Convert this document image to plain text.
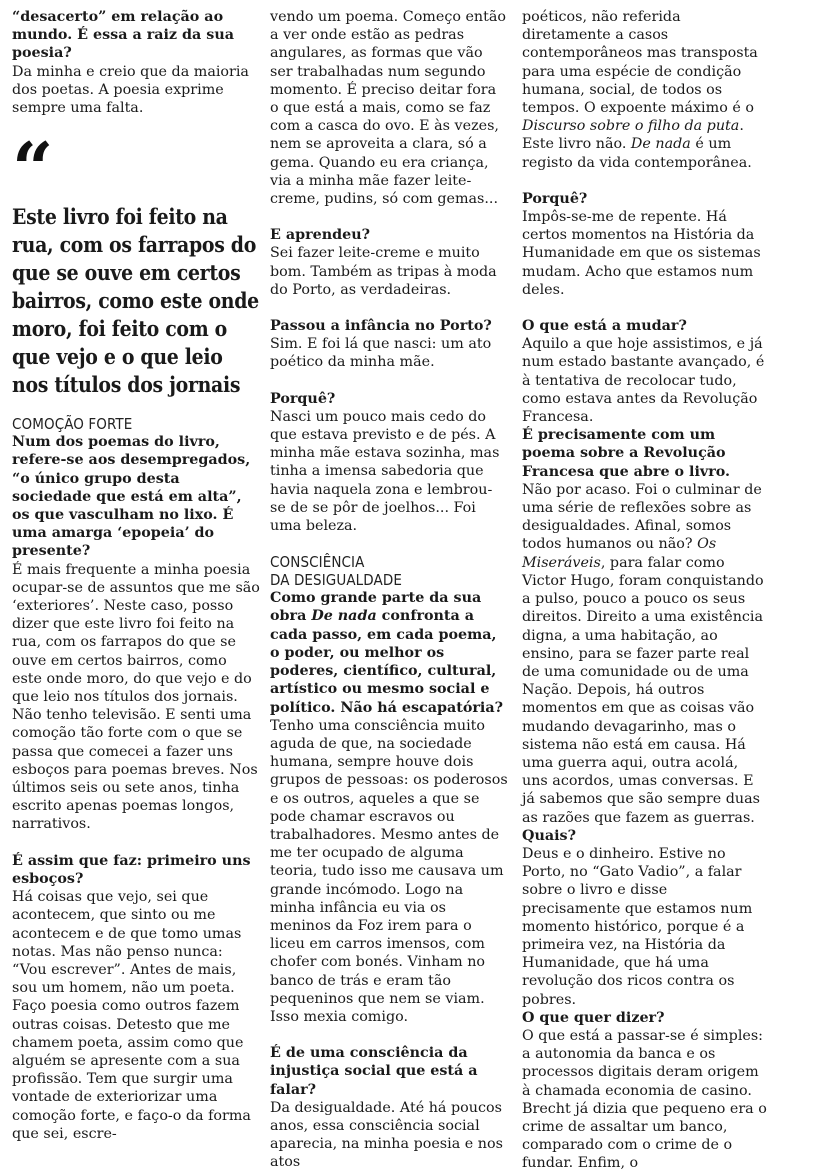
“desacerto” em relação ao mundo. É essa a raiz da sua poesia?

Da minha e creio que da maioria dos poetas. A poesia exprime sempre uma falta.

“

Este livro foi feito na rua, com os farrapos do que se ouve em certos bairros, como este onde moro, foi feito com o que vejo e o que leio nos títulos dos jornais

COMOÇÃO FORTE

Num dos poemas do livro, refere-se aos desempregados, “o único grupo desta sociedade que está em alta”, os que vasculham no lixo. É uma amarga ‘epopeia’ do presente?

É mais frequente a minha poesia ocupar-se de assuntos que me são ‘exteriores’. Neste caso, posso dizer que este livro foi feito na rua, com os farrapos do que se ouve em certos bairros, como este onde moro, do que vejo e do que leio nos títulos dos jornais. Não tenho televisão. E senti uma comoção tão forte com o que se passa que comecei a fazer uns esboços para poemas breves. Nos últimos seis ou sete anos, tinha escrito apenas poemas longos, narrativos.

É assim que faz: primeiro uns esboços?

Há coisas que vejo, sei que acontecem, que sinto ou me acontecem e de que tomo umas notas. Mas não penso nunca: “Vou escrever”. Antes de mais, sou um homem, não um poeta. Faço poesia como outros fazem outras coisas. Detesto que me chamem poeta, assim como que alguém se apresente com a sua profissão. Tem que surgir uma vontade de exteriorizar uma comoção forte, e faço-o da forma que sei, escre-

vendo um poema. Começo então a ver onde estão as pedras angulares, as formas que vão ser trabalhadas num segundo momento. É preciso deitar fora o que está a mais, como se faz com a casca do ovo. E às vezes, nem se aproveita a clara, só a gema. Quando eu era criança, via a minha mãe fazer leite-creme, pudins, só com gemas...

E aprendeu?

Sei fazer leite-creme e muito bom. Também as tripas à moda do Porto, as verdadeiras.

Passou a infância no Porto?

Sim. E foi lá que nasci: um ato poético da minha mãe.

Porquê?

Nasci um pouco mais cedo do que estava previsto e de pés. A minha mãe estava sozinha, mas tinha a imensa sabedoria que havia naquela zona e lembrou-se de se pôr de joelhos... Foi uma beleza.

CONSCIÊNCIA

DA DESIGUALDADE

Como grande parte da sua obra De nada confronta a cada passo, em cada poema, o poder, ou melhor os poderes, científico, cultural, artístico ou mesmo social e político. Não há escapatória?

Tenho uma consciência muito aguda de que, na sociedade humana, sempre houve dois grupos de pessoas: os poderosos e os outros, aqueles a que se pode chamar escravos ou trabalhadores. Mesmo antes de me ter ocupado de alguma teoria, tudo isso me causava um grande incómodo. Logo na minha infância eu via os meninos da Foz irem para o liceu em carros imensos, com chofer com bonés. Vinham no banco de trás e eram tão pequeninos que nem se viam. Isso mexia comigo.

É de uma consciência da injustiça social que está a falar?

Da desigualdade. Até há poucos anos, essa consciência social aparecia, na minha poesia e nos atos

poéticos, não referida diretamente a casos contemporâneos mas transposta para uma espécie de condição humana, social, de todos os tempos. O expoente máximo é o Discurso sobre o filho da puta. Este livro não. De nada é um registo da vida contemporânea.

Porquê?

Impôs-se-me de repente. Há certos momentos na História da Humanidade em que os sistemas mudam. Acho que estamos num deles.

O que está a mudar?

Aquilo a que hoje assistimos, e já num estado bastante avançado, é à tentativa de recolocar tudo, como estava antes da Revolução Francesa.

É precisamente com um poema sobre a Revolução Francesa que abre o livro.

Não por acaso. Foi o culminar de uma série de reflexões sobre as desigualdades. Afinal, somos todos humanos ou não? Os Miseráveis, para falar como Victor Hugo, foram conquistando a pulso, pouco a pouco os seus direitos. Direito a uma existência digna, a uma habitação, ao ensino, para se fazer parte real de uma comunidade ou de uma Nação. Depois, há outros momentos em que as coisas vão mudando devagarinho, mas o sistema não está em causa. Há uma guerra aqui, outra acolá, uns acordos, umas conversas. E já sabemos que são sempre duas as razões que fazem as guerras.

Quais?

Deus e o dinheiro. Estive no Porto, no “Gato Vadio”, a falar sobre o livro e disse precisamente que estamos num momento histórico, porque é a primeira vez, na História da Humanidade, que há uma revolução dos ricos contra os pobres.

O que quer dizer?

O que está a passar-se é simples: a autonomia da banca e os processos digitais deram origem à chamada economia de casino. Brecht já dizia que pequeno era o crime de assaltar um banco, comparado com o crime de o fundar. Enfim, o
